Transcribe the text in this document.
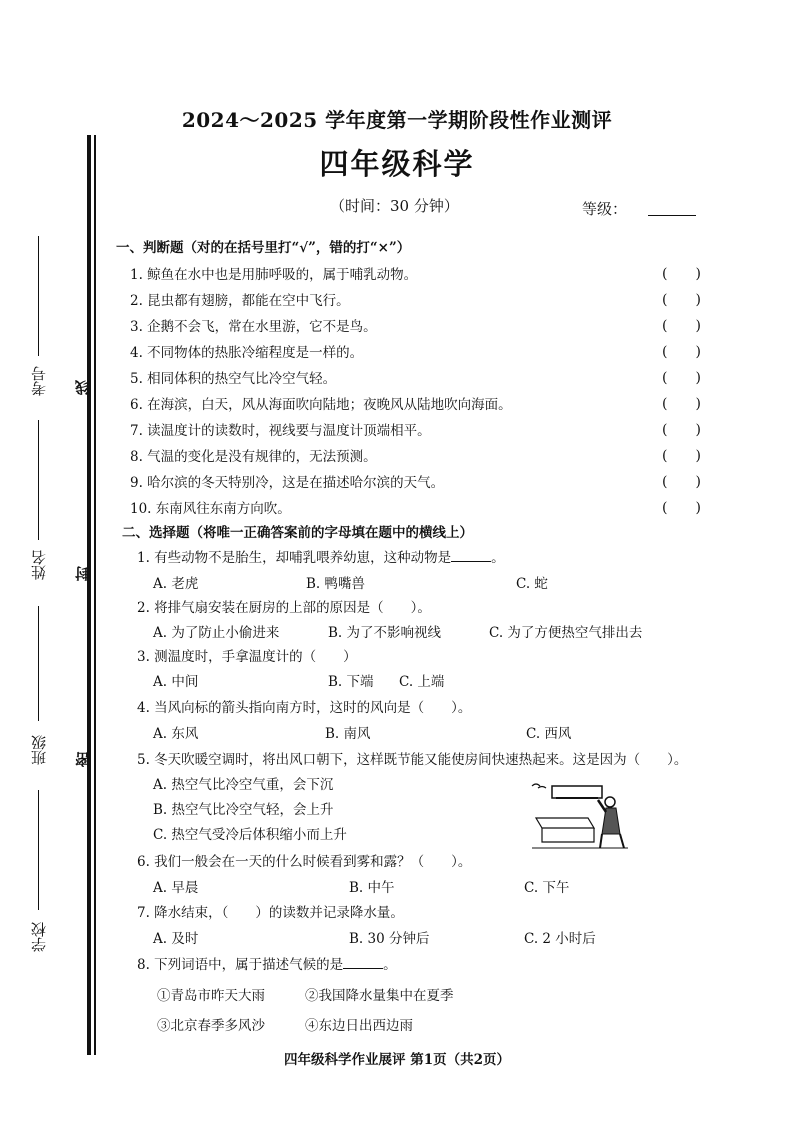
2024～2025 学年度第一学期阶段性作业测评
四年级科学
（时间：30 分钟）	等级：
考号
姓名
班级
学校
线
封
密
一、判断题（对的在括号里打“√”，错的打“×”）
1. 鲸鱼在水中也是用肺呼吸的，属于哺乳动物。	(　　)
2. 昆虫都有翅膀，都能在空中飞行。	(　　)
3. 企鹅不会飞，常在水里游，它不是鸟。	(　　)
4. 不同物体的热胀冷缩程度是一样的。	(　　)
5. 相同体积的热空气比冷空气轻。	(　　)
6. 在海滨，白天，风从海面吹向陆地；夜晚风从陆地吹向海面。	(　　)
7. 读温度计的读数时，视线要与温度计顶端相平。	(　　)
8. 气温的变化是没有规律的，无法预测。	(　　)
9. 哈尔滨的冬天特别冷，这是在描述哈尔滨的天气。	(　　)
10. 东南风往东南方向吹。	(　　)
二、选择题（将唯一正确答案前的字母填在题中的横线上）
1. 有些动物不是胎生，却哺乳喂养幼崽，这种动物是	。
A. 老虎	B. 鸭嘴兽	C. 蛇
2. 将排气扇安装在厨房的上部的原因是（　　）。
A. 为了防止小偷进来	B. 为了不影响视线	C. 为了方便热空气排出去
3. 测温度时，手拿温度计的（　　）
A. 中间	B. 下端 C. 上端
4. 当风向标的箭头指向南方时，这时的风向是（　　）。
A. 东风	B. 南风	C. 西风
5. 冬天吹暖空调时，将出风口朝下，这样既节能又能使房间快速热起来。这是因为（　　）。
A. 热空气比冷空气重，会下沉
B. 热空气比冷空气轻，会上升
C. 热空气受冷后体积缩小而上升
6. 我们一般会在一天的什么时候看到雾和露？（　　）。
A. 早晨	B. 中午	C. 下午
7. 降水结束，（　　）的读数并记录降水量。
A. 及时	B. 30 分钟后	C. 2 小时后
8. 下列词语中，属于描述气候的是	。
①青岛市昨天大雨	②我国降水量集中在夏季
③北京春季多风沙	④东边日出西边雨
四年级科学作业展评 第1页（共2页）
